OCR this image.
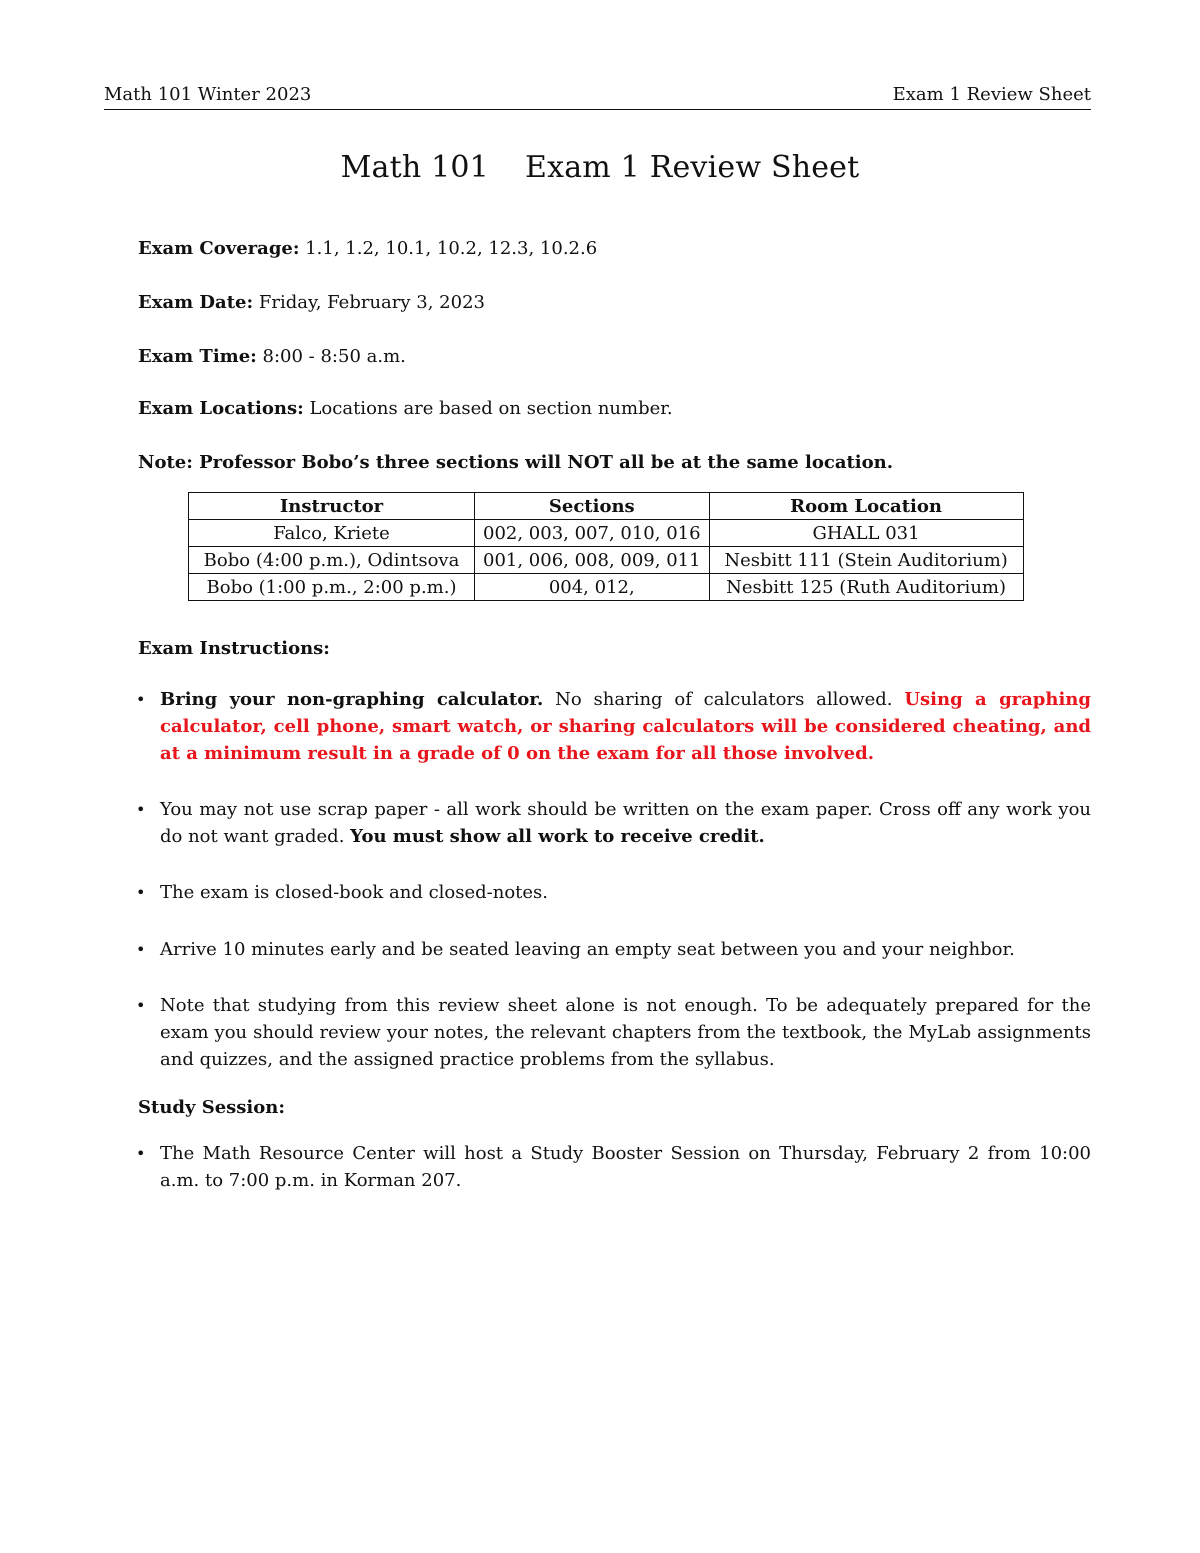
Math 101 Winter 2023	Exam 1 Review Sheet
Math 101 Exam 1 Review Sheet
Exam Coverage: 1.1, 1.2, 10.1, 10.2, 12.3, 10.2.6
Exam Date: Friday, February 3, 2023
Exam Time: 8:00 - 8:50 a.m.
Exam Locations: Locations are based on section number.
Note: Professor Bobo’s three sections will NOT all be at the same location.
Instructor	Sections	Room Location
Falco, Kriete	002, 003, 007, 010, 016	GHALL 031
Bobo (4:00 p.m.), Odintsova	001, 006, 008, 009, 011	Nesbitt 111 (Stein Auditorium)
Bobo (1:00 p.m., 2:00 p.m.)	004, 012,	Nesbitt 125 (Ruth Auditorium)
Exam Instructions:
• Bring your non-graphing calculator. No sharing of calculators allowed. Using a graphing calculator, cell phone, smart watch, or sharing calculators will be considered cheating, and at a minimum result in a grade of 0 on the exam for all those involved.
• You may not use scrap paper - all work should be written on the exam paper. Cross off any work you do not want graded. You must show all work to receive credit.
• The exam is closed-book and closed-notes.
• Arrive 10 minutes early and be seated leaving an empty seat between you and your neighbor.
• Note that studying from this review sheet alone is not enough. To be adequately prepared for the exam you should review your notes, the relevant chapters from the textbook, the MyLab assignments and quizzes, and the assigned practice problems from the syllabus.
Study Session:
• The Math Resource Center will host a Study Booster Session on Thursday, February 2 from 10:00 a.m. to 7:00 p.m. in Korman 207.
